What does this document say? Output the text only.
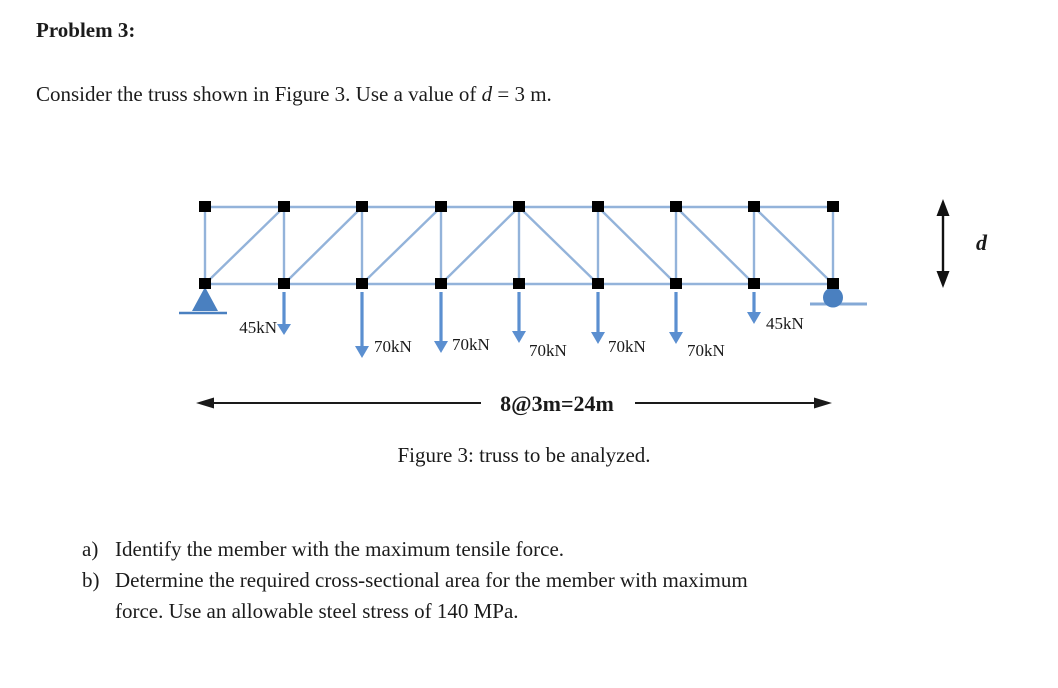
Problem 3:

Consider the truss shown in Figure 3. Use a value of d = 3 m.

45kN
70kN 70kN 70kN 70kN 70kN
45kN
8@3m=24m
d
Figure 3: truss to be analyzed.
a) Identify the member with the maximum tensile force.
b) Determine the required cross-sectional area for the member with maximum
force. Use an allowable steel stress of 140 MPa.
